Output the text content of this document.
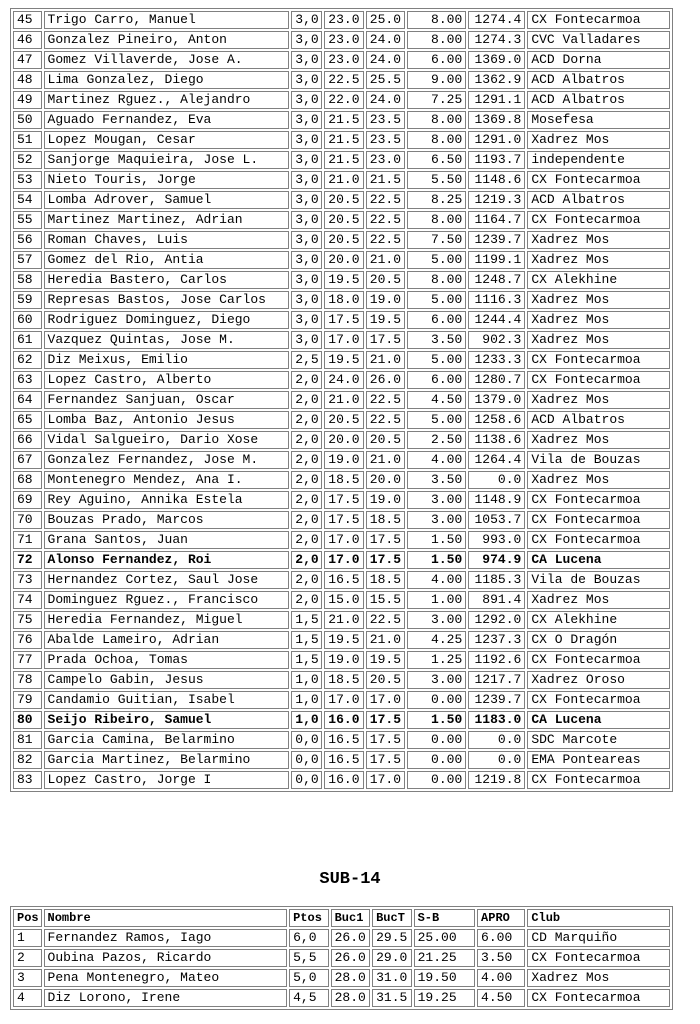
45	Trigo Carro, Manuel	3,0	23.0	25.0	8.00	1274.4	CX Fontecarmoa
46	Gonzalez Pineiro, Anton	3,0	23.0	24.0	8.00	1274.3	CVC Valladares
47	Gomez Villaverde, Jose A.	3,0	23.0	24.0	6.00	1369.0	ACD Dorna
48	Lima Gonzalez, Diego	3,0	22.5	25.5	9.00	1362.9	ACD Albatros
49	Martinez Rguez., Alejandro	3,0	22.0	24.0	7.25	1291.1	ACD Albatros
50	Aguado Fernandez, Eva	3,0	21.5	23.5	8.00	1369.8	Mosefesa
51	Lopez Mougan, Cesar	3,0	21.5	23.5	8.00	1291.0	Xadrez Mos
52	Sanjorge Maquieira, Jose L.	3,0	21.5	23.0	6.50	1193.7	independente
53	Nieto Touris, Jorge	3,0	21.0	21.5	5.50	1148.6	CX Fontecarmoa
54	Lomba Adrover, Samuel	3,0	20.5	22.5	8.25	1219.3	ACD Albatros
55	Martinez Martinez, Adrian	3,0	20.5	22.5	8.00	1164.7	CX Fontecarmoa
56	Roman Chaves, Luis	3,0	20.5	22.5	7.50	1239.7	Xadrez Mos
57	Gomez del Rio, Antia	3,0	20.0	21.0	5.00	1199.1	Xadrez Mos
58	Heredia Bastero, Carlos	3,0	19.5	20.5	8.00	1248.7	CX Alekhine
59	Represas Bastos, Jose Carlos	3,0	18.0	19.0	5.00	1116.3	Xadrez Mos
60	Rodriguez Dominguez, Diego	3,0	17.5	19.5	6.00	1244.4	Xadrez Mos
61	Vazquez Quintas, Jose M.	3,0	17.0	17.5	3.50	902.3	Xadrez Mos
62	Diz Meixus, Emilio	2,5	19.5	21.0	5.00	1233.3	CX Fontecarmoa
63	Lopez Castro, Alberto	2,0	24.0	26.0	6.00	1280.7	CX Fontecarmoa
64	Fernandez Sanjuan, Oscar	2,0	21.0	22.5	4.50	1379.0	Xadrez Mos
65	Lomba Baz, Antonio Jesus	2,0	20.5	22.5	5.00	1258.6	ACD Albatros
66	Vidal Salgueiro, Dario Xose	2,0	20.0	20.5	2.50	1138.6	Xadrez Mos
67	Gonzalez Fernandez, Jose M.	2,0	19.0	21.0	4.00	1264.4	Vila de Bouzas
68	Montenegro Mendez, Ana I.	2,0	18.5	20.0	3.50	0.0	Xadrez Mos
69	Rey Aguino, Annika Estela	2,0	17.5	19.0	3.00	1148.9	CX Fontecarmoa
70	Bouzas Prado, Marcos	2,0	17.5	18.5	3.00	1053.7	CX Fontecarmoa
71	Grana Santos, Juan	2,0	17.0	17.5	1.50	993.0	CX Fontecarmoa
72	Alonso Fernandez, Roi	2,0	17.0	17.5	1.50	974.9	CA Lucena
73	Hernandez Cortez, Saul Jose	2,0	16.5	18.5	4.00	1185.3	Vila de Bouzas
74	Dominguez Rguez., Francisco	2,0	15.0	15.5	1.00	891.4	Xadrez Mos
75	Heredia Fernandez, Miguel	1,5	21.0	22.5	3.00	1292.0	CX Alekhine
76	Abalde Lameiro, Adrian	1,5	19.5	21.0	4.25	1237.3	CX O Dragón
77	Prada Ochoa, Tomas	1,5	19.0	19.5	1.25	1192.6	CX Fontecarmoa
78	Campelo Gabin, Jesus	1,0	18.5	20.5	3.00	1217.7	Xadrez Oroso
79	Candamio Guitian, Isabel	1,0	17.0	17.0	0.00	1239.7	CX Fontecarmoa
80	Seijo Ribeiro, Samuel	1,0	16.0	17.5	1.50	1183.0	CA Lucena
81	Garcia Camina, Belarmino	0,0	16.5	17.5	0.00	0.0	SDC Marcote
82	Garcia Martinez, Belarmino	0,0	16.5	17.5	0.00	0.0	EMA Ponteareas
83	Lopez Castro, Jorge I	0,0	16.0	17.0	0.00	1219.8	CX Fontecarmoa
SUB-14
Pos	Nombre	Ptos	Buc1	BucT	S-B	APRO	Club
1	Fernandez Ramos, Iago	6,0	26.0	29.5	25.00	6.00	CD Marquiño
2	Oubina Pazos, Ricardo	5,5	26.0	29.0	21.25	3.50	CX Fontecarmoa
3	Pena Montenegro, Mateo	5,0	28.0	31.0	19.50	4.00	Xadrez Mos
4	Diz Lorono, Irene	4,5	28.0	31.5	19.25	4.50	CX Fontecarmoa
